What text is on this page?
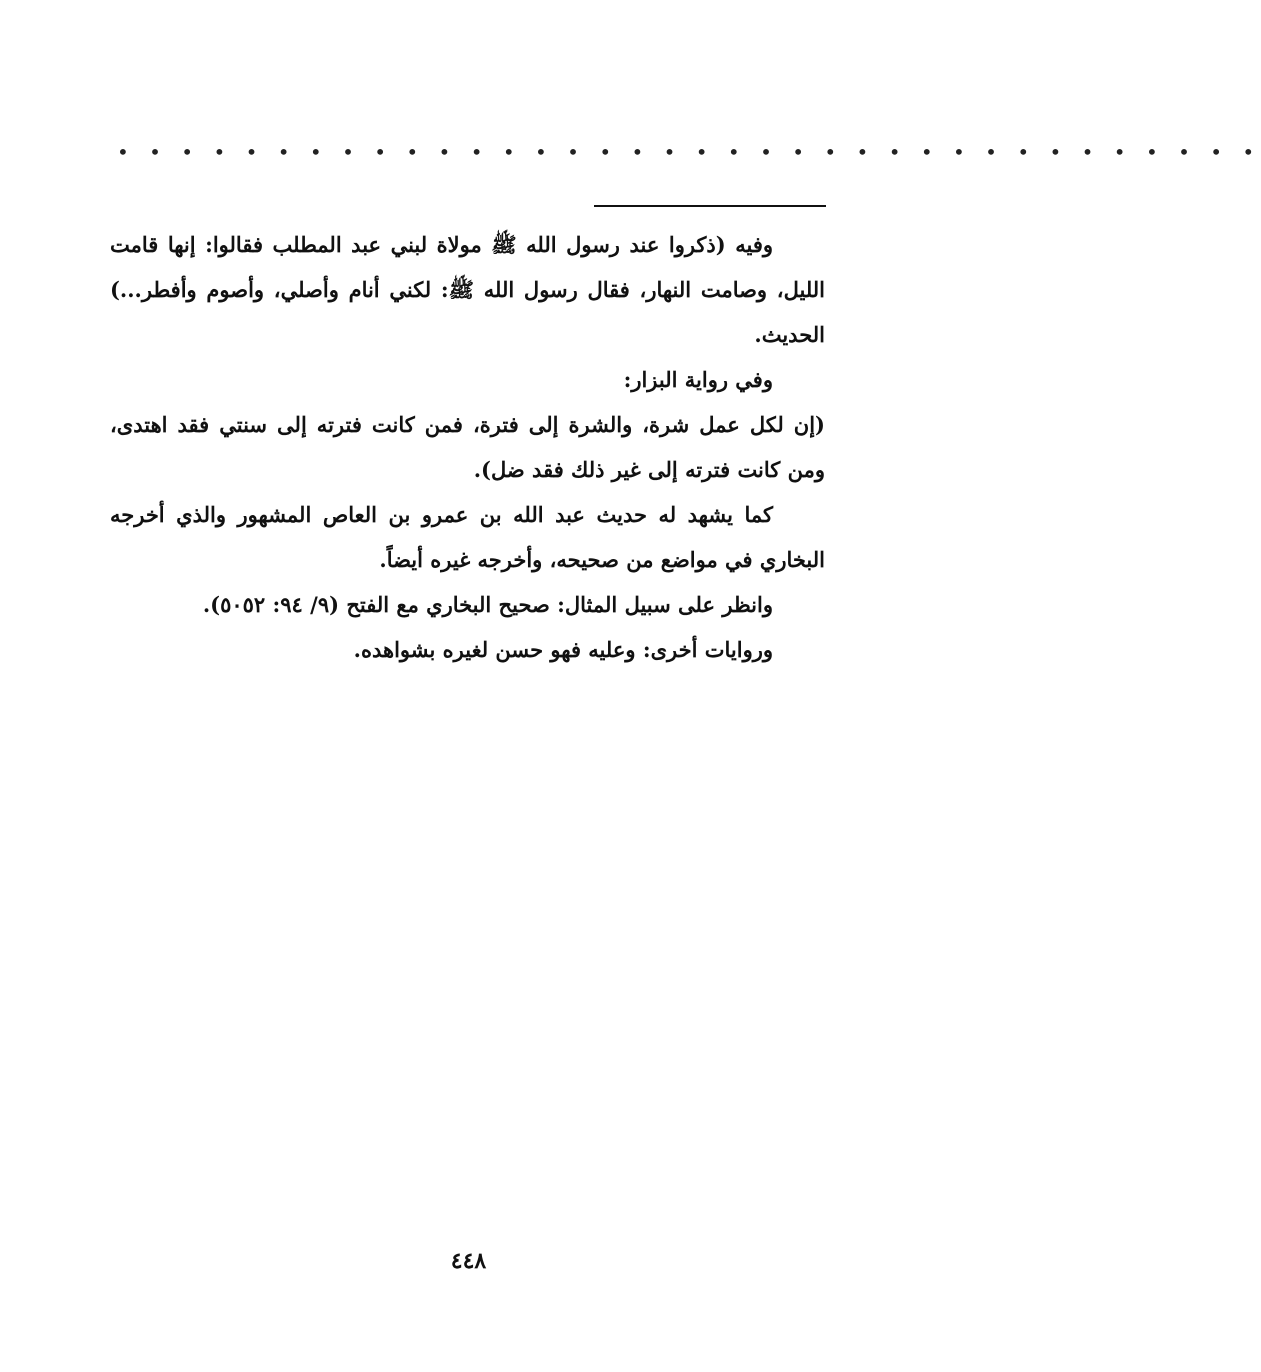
• • • • • • • • • • • • • • • • • • • • • • • • • • • • • • • • • • • •

وفيه (ذكروا عند رسول الله ﷺ مولاة لبني عبد المطلب فقالوا: إنها قامت الليل، وصامت النهار، فقال رسول الله ﷺ: لكني أنام وأصلي، وأصوم وأفطر...) الحديث.

وفي رواية البزار:

(إن لكل عمل شرة، والشرة إلى فترة، فمن كانت فترته إلى سنتي فقد اهتدى، ومن كانت فترته إلى غير ذلك فقد ضل).

كما يشهد له حديث عبد الله بن عمرو بن العاص المشهور والذي أخرجه البخاري في مواضع من صحيحه، وأخرجه غيره أيضاً.

وانظر على سبيل المثال: صحيح البخاري مع الفتح (٩/ ٩٤: ٥٠٥٢).

وروايات أخرى: وعليه فهو حسن لغيره بشواهده.

٤٤٨
